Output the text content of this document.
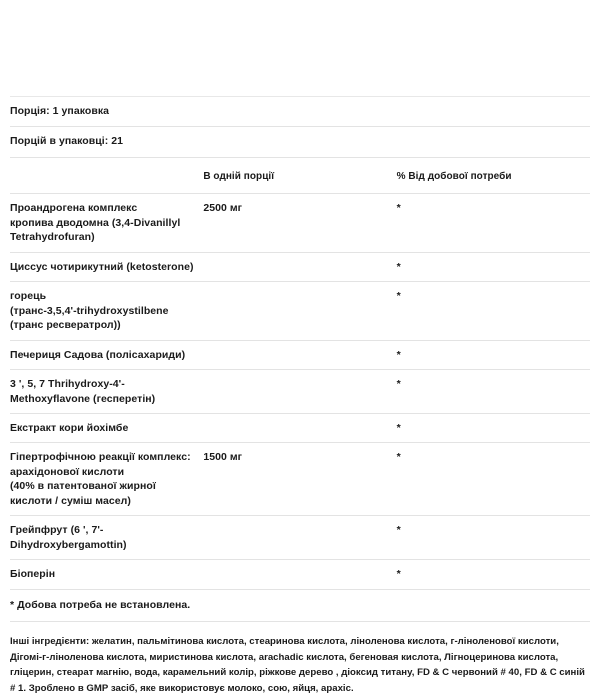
Порція: 1 упаковка		
Порцій в упаковці: 21		
	В одній порції	% Від добової потреби

Проандрогена комплекс
кропива дводомна (3,4-Divanillyl Tetrahydrofuran)	2500 мг	*

Циссус чотирикутний (ketosterone)		*

горець
(транс-3,5,4'-trihydroxystilbene (транс ресвератрол))		*

Печериця Садова (полісахариди)		*

3 ', 5, 7 Thrihydroxy-4'-Methoxyflavone (гесперетін)		*

Екстракт кори йохімбе		*

Гіпертрофічною реакції комплекс:
арахідонової кислоти
(40% в патентованої жирної кислоти / суміш масел)	1500 мг	*

Грейпфрут (6 ', 7'-Dihydroxybergamottin)		*

Біоперін		*
* Добова потреба не встановлена.		
Інші інгредієнти: желатин, пальмітинова кислота, стеаринова кислота, ліноленова кислота, г-ліноленової кислоти, Дігомі-г-ліноленова кислота, миристинова кислота, arachadic кислота, бегеновая кислота, Лігноцеринова кислота, гліцерин, стеарат магнію, вода, карамельний колір, ріжкове дерево , діоксид титану, FD & C червоний # 40, FD & C синій # 1. Зроблено в GMP засіб, яке використовує молоко, сою, яйця, арахіс.
